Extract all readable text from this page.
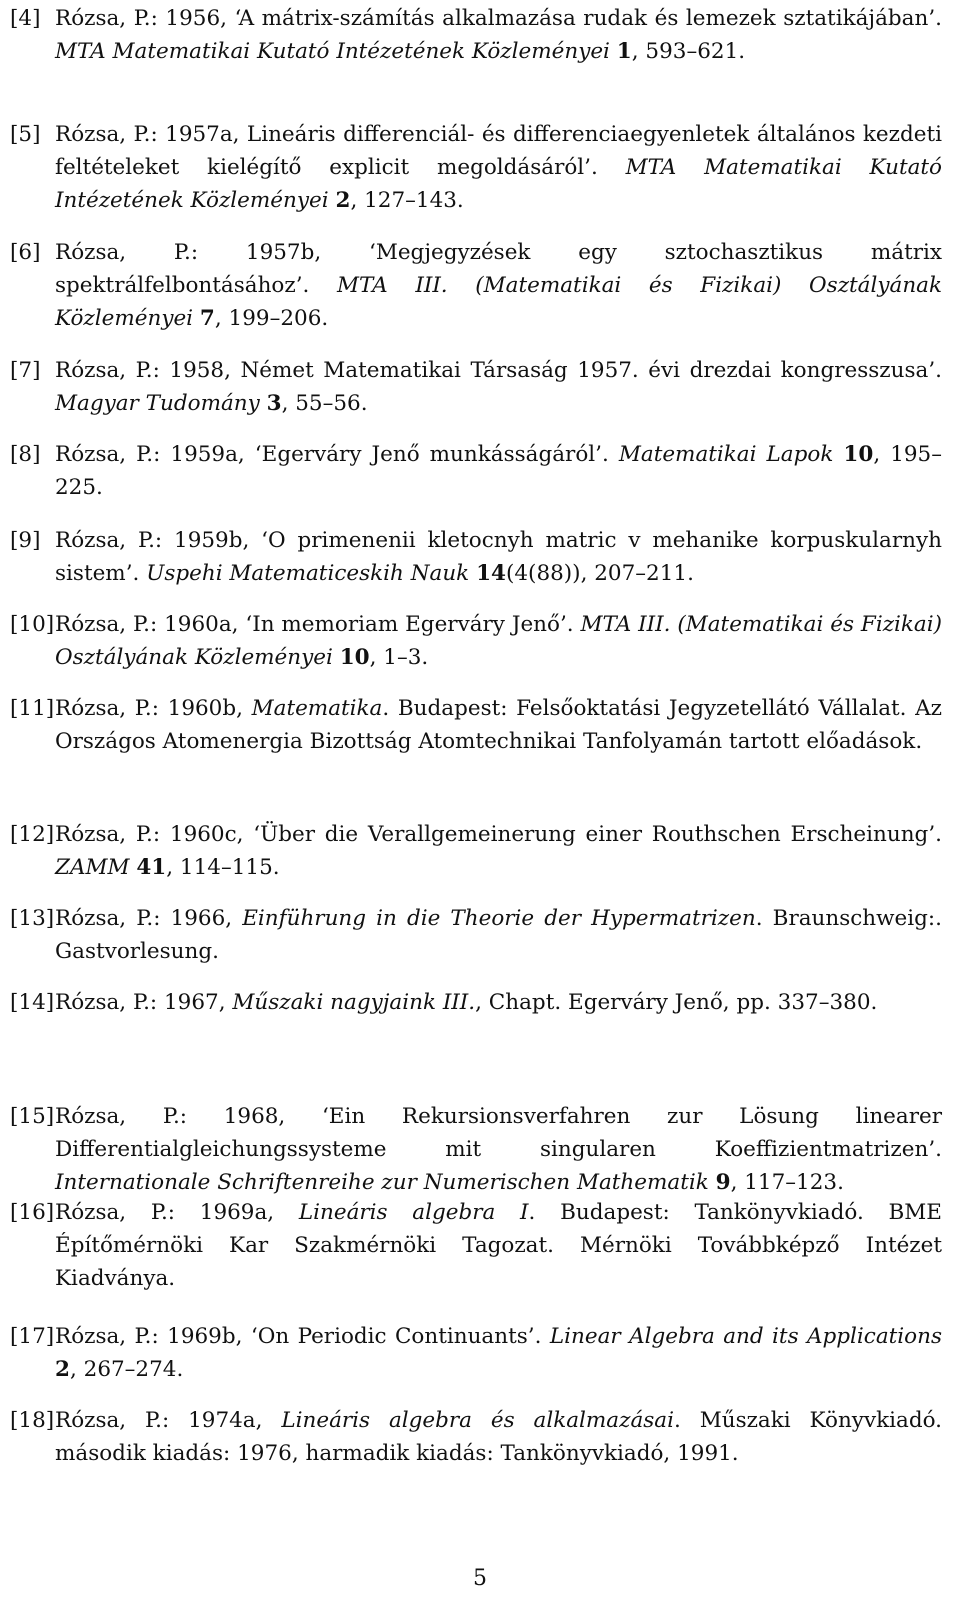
[4] Rózsa, P.: 1956, ‘A mátrix-számítás alkalmazása rudak és lemezek sztatikájában’. MTA Matematikai Kutató Intézetének Közleményei 1, 593–621.
[5] Rózsa, P.: 1957a, Lineáris differenciál- és differenciaegyenletek általános kezdeti feltételeket kielégítő explicit megoldásáról’. MTA Matematikai Kutató Intézetének Közleményei 2, 127–143.
[6] Rózsa, P.: 1957b, ‘Megjegyzések egy sztochasztikus mátrix spektrálfelbontásához’. MTA III. (Matematikai és Fizikai) Osztályának Közleményei 7, 199–206.
[7] Rózsa, P.: 1958, Német Matematikai Társaság 1957. évi drezdai kongresszusa’. Magyar Tudomány 3, 55–56.
[8] Rózsa, P.: 1959a, ‘Egerváry Jenő munkásságáról’. Matematikai Lapok 10, 195–225.
[9] Rózsa, P.: 1959b, ‘O primenenii kletocnyh matric v mehanike korpuskularnyh sistem’. Uspehi Matematiceskih Nauk 14(4(88)), 207–211.
[10]Rózsa, P.: 1960a, ‘In memoriam Egerváry Jenő’. MTA III. (Matematikai és Fizikai) Osztályának Közleményei 10, 1–3.
[11]Rózsa, P.: 1960b, Matematika. Budapest: Felsőoktatási Jegyzetellátó Vállalat. Az Országos Atomenergia Bizottság Atomtechnikai Tanfolyamán tartott előadások.
[12]Rózsa, P.: 1960c, ‘Über die Verallgemeinerung einer Routhschen Erscheinung’. ZAMM 41, 114–115.
[13]Rózsa, P.: 1966, Einführung in die Theorie der Hypermatrizen. Braunschweig:. Gastvorlesung.
[14]Rózsa, P.: 1967, Műszaki nagyjaink III., Chapt. Egerváry Jenő, pp. 337–380.
[15]Rózsa, P.: 1968, ‘Ein Rekursionsverfahren zur Lösung linearer Differentialgleichungssysteme mit singularen Koeffizientmatrizen’. Internationale Schriftenreihe zur Numerischen Mathematik 9, 117–123.
[16]Rózsa, P.: 1969a, Lineáris algebra I. Budapest: Tankönyvkiadó. BME Építőmérnöki Kar Szakmérnöki Tagozat. Mérnöki Továbbképző Intézet Kiadványa.
[17]Rózsa, P.: 1969b, ‘On Periodic Continuants’. Linear Algebra and its Applications 2, 267–274.
[18]Rózsa, P.: 1974a, Lineáris algebra és alkalmazásai. Műszaki Könyvkiadó. második kiadás: 1976, harmadik kiadás: Tankönyvkiadó, 1991.
5
